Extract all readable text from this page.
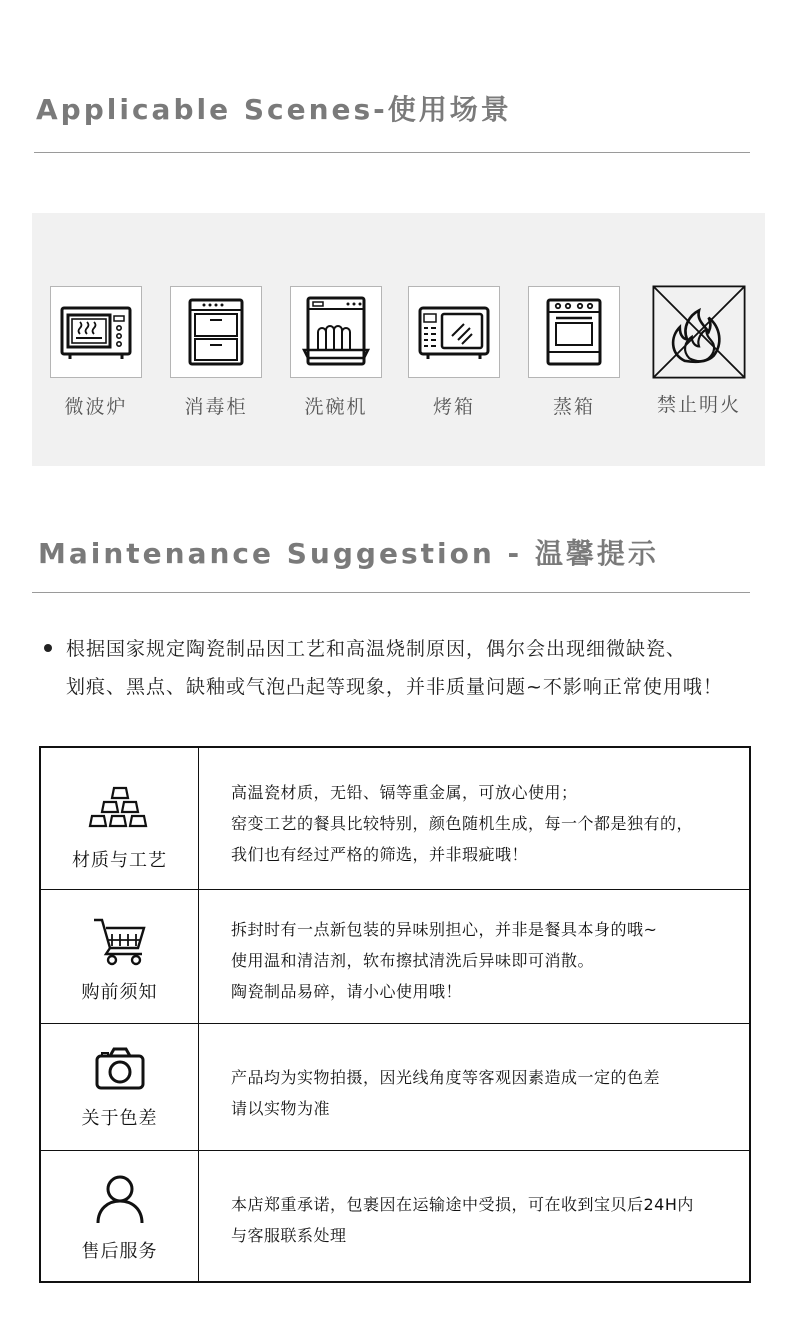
Applicable Scenes-使用场景
微波炉	消毒柜	洗碗机	烤箱	蒸箱	禁止明火
Maintenance Suggestion - 温馨提示
根据国家规定陶瓷制品因工艺和高温烧制原因，偶尔会出现细微缺瓷、
划痕、黑点、缺釉或气泡凸起等现象，并非质量问题~不影响正常使用哦！
材质与工艺
高温瓷材质，无铅、镉等重金属，可放心使用；
窑变工艺的餐具比较特别，颜色随机生成，每一个都是独有的，
我们也有经过严格的筛选，并非瑕疵哦！
购前须知
拆封时有一点新包装的异味别担心，并非是餐具本身的哦~
使用温和清洁剂，软布擦拭清洗后异味即可消散。
陶瓷制品易碎，请小心使用哦！
关于色差
产品均为实物拍摄，因光线角度等客观因素造成一定的色差
请以实物为准
售后服务
本店郑重承诺，包裹因在运输途中受损，可在收到宝贝后24H内
与客服联系处理
